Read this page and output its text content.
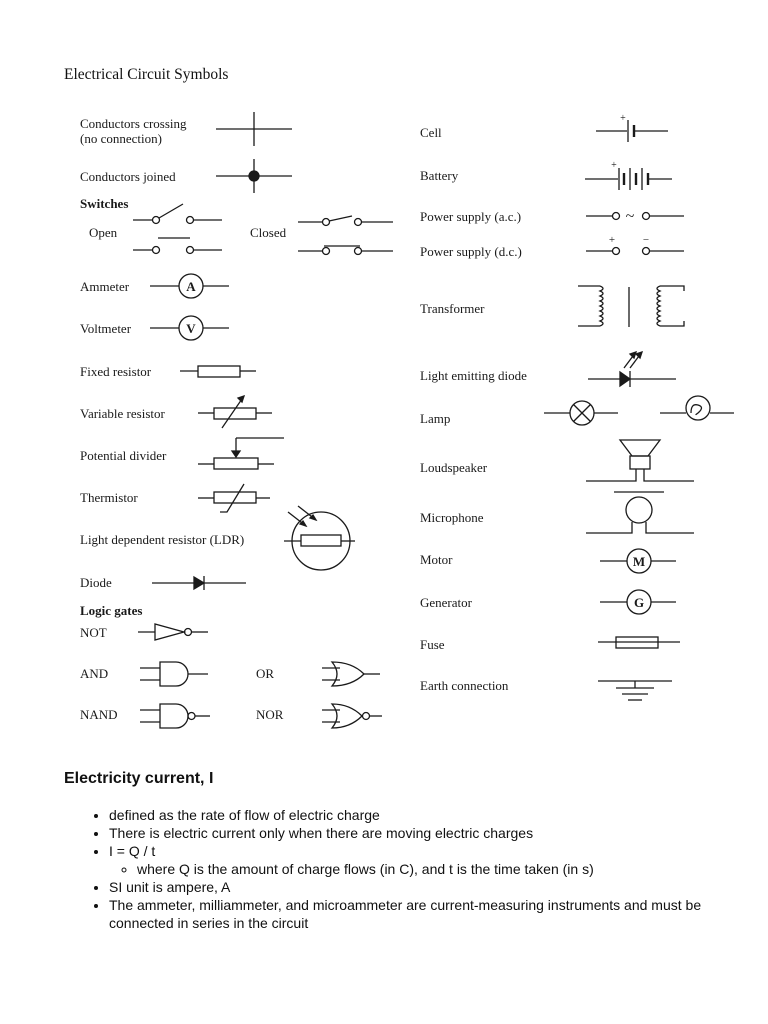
Electrical Circuit Symbols
Conductors crossing
(no connection)
Conductors joined
Switches
Open	Closed
Ammeter
Voltmeter
Fixed resistor
Variable resistor
Potential divider
Thermistor
Light dependent resistor (LDR)
Diode
Logic gates
NOT
AND	OR
NAND	NOR
Cell
Battery
Power supply (a.c.)
Power supply (d.c.)
Transformer
Light emitting diode
Lamp
Loudspeaker
Microphone
Motor
Generator
Fuse
Earth connection
A
V
+
+
~
+	−
M
G
Electricity current, I
• defined as the rate of flow of electric charge
• There is electric current only when there are moving electric charges
• I = Q / t
◦ where Q is the amount of charge flows (in C), and t is the time taken (in s)
• SI unit is ampere, A
• The ammeter, milliammeter, and microammeter are current-measuring instruments and must be connected in series in the circuit
